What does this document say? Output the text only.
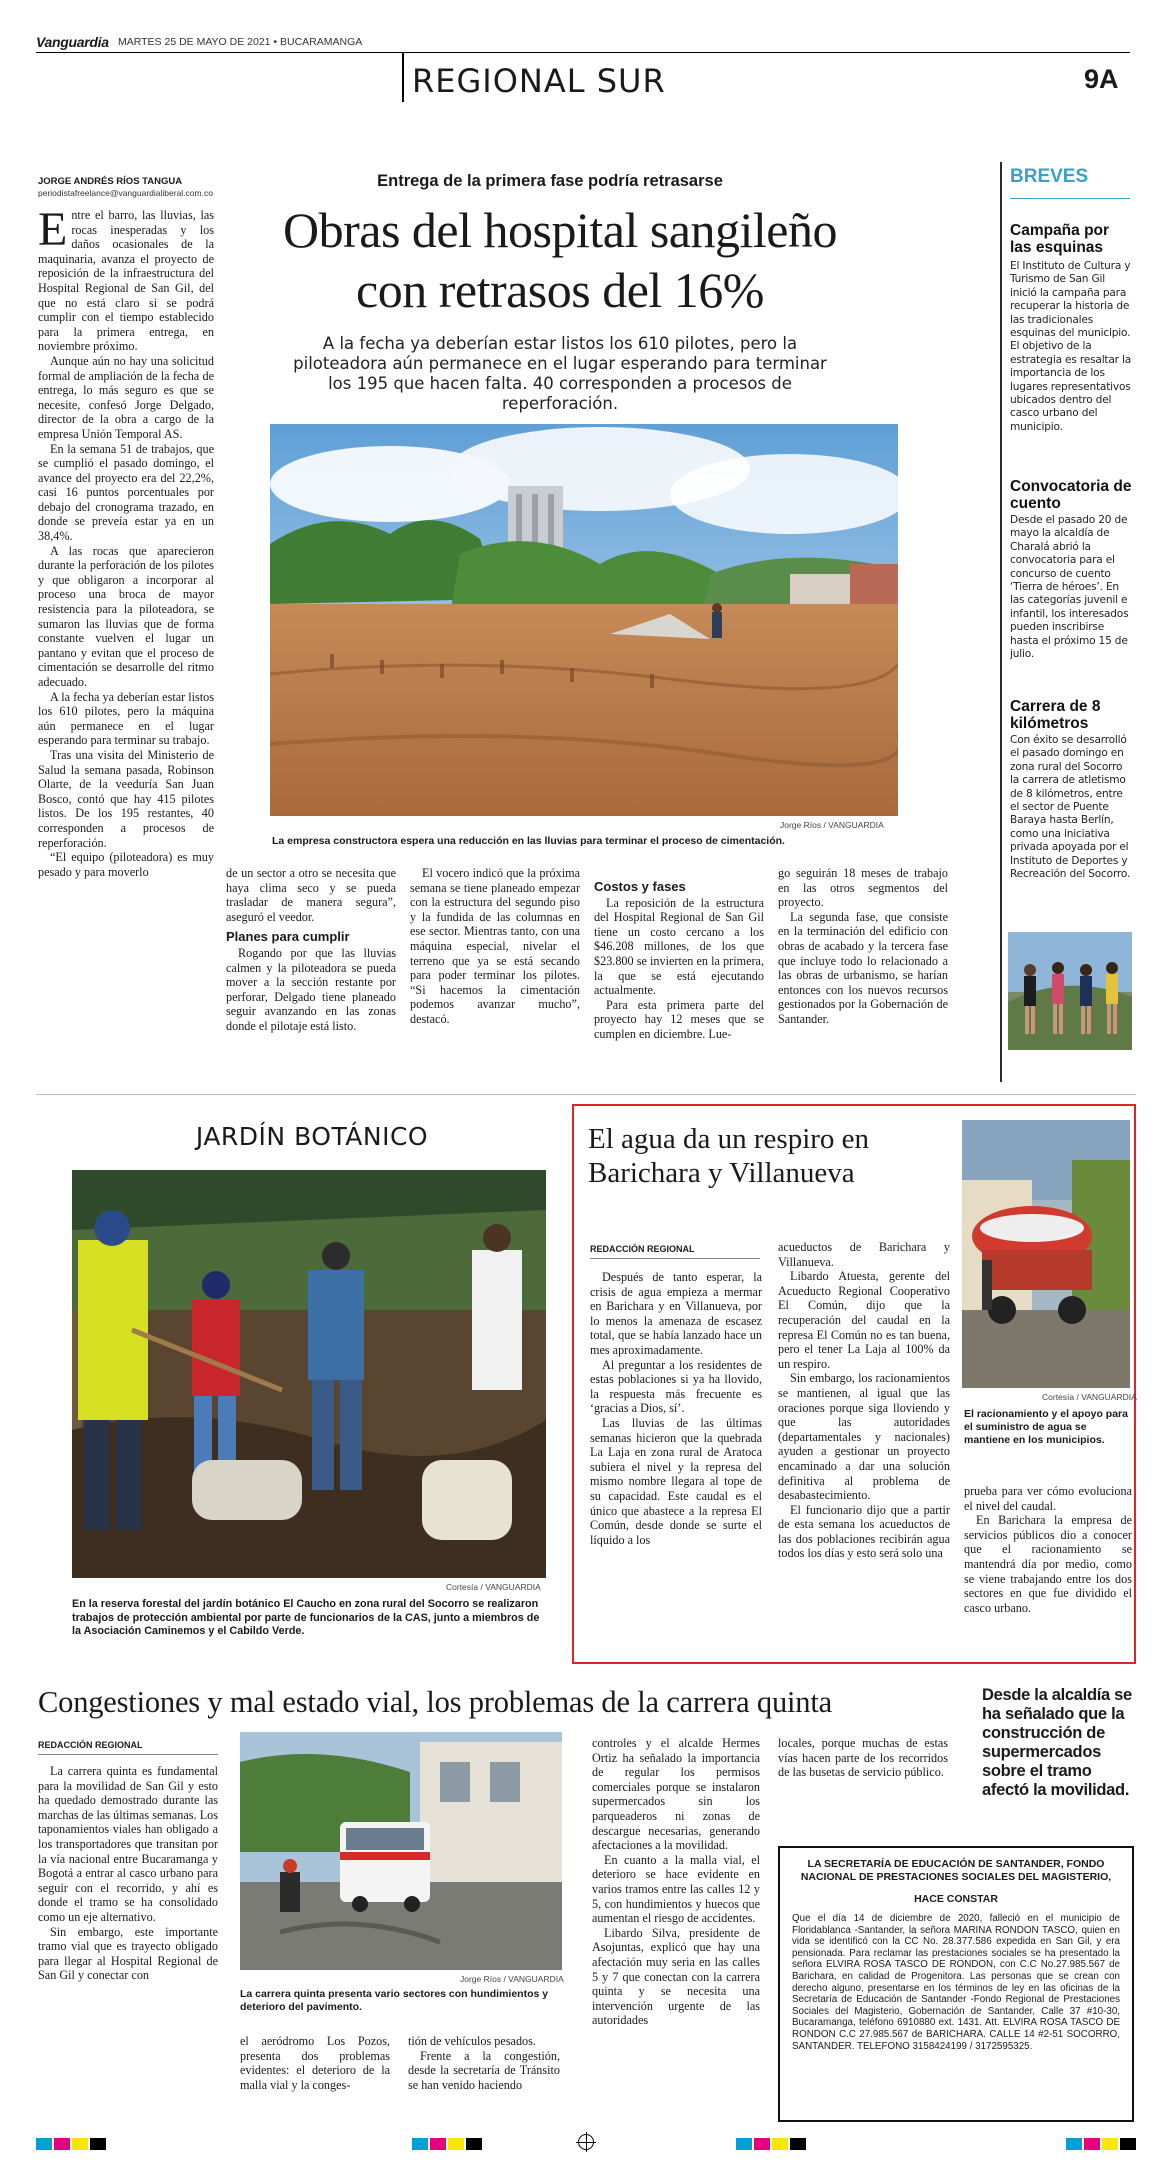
Vanguardia MARTES 25 DE MAYO DE 2021 • BUCARAMANGA
REGIONAL SUR	9A
JORGE ANDRÉS RÍOS TANGUA
periodistafreelance@vanguardialiberal.com.co

Entre el barro, las lluvias, las rocas inesperadas y los daños ocasionales de la maquinaria, avanza el proyecto de reposición de la infraestructura del Hospital Regional de San Gil, del que no está claro si se podrá cumplir con el tiempo establecido para la primera entrega, en noviembre próximo.

Aunque aún no hay una solicitud formal de ampliación de la fecha de entrega, lo más seguro es que se necesite, confesó Jorge Delgado, director de la obra a cargo de la empresa Unión Temporal AS.

En la semana 51 de trabajos, que se cumplió el pasado domingo, el avance del proyecto era del 22,2%, casi 16 puntos porcentuales por debajo del cronograma trazado, en donde se preveía estar ya en un 38,4%.

A las rocas que aparecieron durante la perforación de los pilotes y que obligaron a incorporar al proceso una broca de mayor resistencia para la piloteadora, se sumaron las lluvias que de forma constante vuelven el lugar un pantano y evitan que el proceso de cimentación se desarrolle del ritmo adecuado.

A la fecha ya deberían estar listos los 610 pilotes, pero la máquina aún permanece en el lugar esperando para terminar su trabajo.

Tras una visita del Ministerio de Salud la semana pasada, Robinson Olarte, de la veeduría San Juan Bosco, contó que hay 415 pilotes listos. De los 195 restantes, 40 corresponden a procesos de reperforación.

“El equipo (piloteadora) es muy pesado y para moverlo

Entrega de la primera fase podría retrasarse
Obras del hospital sangileño con retrasos del 16%
A la fecha ya deberían estar listos los 610 pilotes, pero la piloteadora aún permanece en el lugar esperando para terminar los 195 que hacen falta. 40 corresponden a procesos de reperforación.
Jorge Ríos / VANGUARDIA
La empresa constructora espera una reducción en las lluvias para terminar el proceso de cimentación.

de un sector a otro se necesita que haya clima seco y se pueda trasladar de manera segura”, aseguró el veedor.

Planes para cumplir

Rogando por que las lluvias calmen y la piloteadora se pueda mover a la sección restante por perforar, Delgado tiene planeado seguir avanzando en las zonas donde el pilotaje está listo.

El vocero indicó que la próxima semana se tiene planeado empezar con la estructura del segundo piso y la fundida de las columnas en ese sector. Mientras tanto, con una máquina especial, nivelar el terreno que ya se está secando para poder terminar los pilotes. “Si hacemos la cimentación podemos avanzar mucho”, destacó.

Costos y fases

La reposición de la estructura del Hospital Regional de San Gil tiene un costo cercano a los $46.208 millones, de los que $23.800 se invierten en la primera, la que se está ejecutando actualmente.

Para esta primera parte del proyecto hay 12 meses que se cumplen en diciembre. Lue-

go seguirán 18 meses de trabajo en las otros segmentos del proyecto.

La segunda fase, que consiste en la terminación del edificio con obras de acabado y la tercera fase que incluye todo lo relacionado a las obras de urbanismo, se harían entonces con los nuevos recursos gestionados por la Gobernación de Santander.

BREVES
Campaña por las esquinas
El Instituto de Cultura y Turismo de San Gil inició la campaña para recuperar la historia de las tradicionales esquinas del municipio. El objetivo de la estrategia es resaltar la importancia de los lugares representativos ubicados dentro del casco urbano del municipio.
Convocatoria de cuento
Desde el pasado 20 de mayo la alcaldía de Charalá abrió la convocatoria para el concurso de cuento ‘Tierra de héroes’. En las categorías juvenil e infantil, los interesados pueden inscribirse hasta el próximo 15 de julio.
Carrera de 8 kilómetros
Con éxito se desarrolló el pasado domingo en zona rural del Socorro la carrera de atletismo de 8 kilómetros, entre el sector de Puente Baraya hasta Berlín, como una iniciativa privada apoyada por el Instituto de Deportes y Recreación del Socorro.
JARDÍN BOTÁNICO
Cortesía / VANGUARDIA
En la reserva forestal del jardín botánico El Caucho en zona rural del Socorro se realizaron trabajos de protección ambiental por parte de funcionarios de la CAS, junto a miembros de la Asociación Caminemos y el Cabildo Verde.
El agua da un respiro en Barichara y Villanueva
REDACCIÓN REGIONAL

Después de tanto esperar, la crisis de agua empieza a mermar en Barichara y en Villanueva, por lo menos la amenaza de escasez total, que se había lanzado hace un mes aproximadamente.

Al preguntar a los residentes de estas poblaciones si ya ha llovido, la respuesta más frecuente es ‘gracias a Dios, sí’.

Las lluvias de las últimas semanas hicieron que la quebrada La Laja en zona rural de Aratoca subiera el nivel y la represa del mismo nombre llegara al tope de su capacidad. Este caudal es el único que abastece a la represa El Común, desde donde se surte el líquido a los

acueductos de Barichara y Villanueva.

Libardo Atuesta, gerente del Acueducto Regional Cooperativo El Común, dijo que la recuperación del caudal en la represa El Común no es tan buena, pero el tener La Laja al 100% da un respiro.

Sin embargo, los racionamientos se mantienen, al igual que las oraciones porque siga lloviendo y que las autoridades (departamentales y nacionales) ayuden a gestionar un proyecto encaminado a dar una solución definitiva al problema de desabastecimiento.

El funcionario dijo que a partir de esta semana los acueductos de las dos poblaciones recibirán agua todos los días y esto será solo una

Cortesía / VANGUARDIA
El racionamiento y el apoyo para el suministro de agua se mantiene en los municipios.

prueba para ver cómo evoluciona el nivel del caudal.

En Barichara la empresa de servicios públicos dio a conocer que el racionamiento se mantendrá día por medio, como se viene trabajando entre los dos sectores en que fue dividido el casco urbano.

Congestiones y mal estado vial, los problemas de la carrera quinta	Desde la alcaldía se ha señalado que la construcción de supermercados sobre el tramo afectó la movilidad.
REDACCIÓN REGIONAL

La carrera quinta es fundamental para la movilidad de San Gil y esto ha quedado demostrado durante las marchas de las últimas semanas. Los taponamientos viales han obligado a los transportadores que transitan por la vía nacional entre Bucaramanga y Bogotá a entrar al casco urbano para seguir con el recorrido, y ahí es donde el tramo se ha consolidado como un eje alternativo.

Sin embargo, este importante tramo vial que es trayecto obligado para llegar al Hospital Regional de San Gil y conectar con	Jorge Ríos / VANGUARDIA
La carrera quinta presenta vario sectores con hundimientos y deterioro del pavimento.

el aeródromo Los Pozos, presenta dos problemas evidentes: el deterioro de la malla vial y la conges-

tión de vehículos pesados.

Frente a la congestión, desde la secretaría de Tránsito se han venido haciendo

controles y el alcalde Hermes Ortiz ha señalado la importancia de regular los permisos comerciales porque se instalaron supermercados sin los parqueaderos ni zonas de descargue necesarias, generando afectaciones a la movilidad.

En cuanto a la malla vial, el deterioro se hace evidente en varios tramos entre las calles 12 y 5, con hundimientos y huecos que aumentan el riesgo de accidentes.

Libardo Silva, presidente de Asojuntas, explicó que hay una afectación muy seria en las calles 5 y 7 que conectan con la carrera quinta y se necesita una intervención urgente de las autoridades

locales, porque muchas de estas vías hacen parte de los recorridos de las busetas de servicio público.

LA SECRETARÍA DE EDUCACIÓN DE SANTANDER, FONDO NACIONAL DE PRESTACIONES SOCIALES DEL MAGISTERIO,
HACE CONSTAR
Que el día 14 de diciembre de 2020, falleció en el municipio de Floridablanca -Santander, la señora MARINA RONDON TASCO, quien en vida se identificó con la CC No. 28.377.586 expedida en San Gil, y era pensionada. Para reclamar las prestaciones sociales se ha presentado la señora ELVIRA ROSA TASCO DE RONDON, con C.C No.27.985.567 de Barichara, en calidad de Progenitora. Las personas que se crean con derecho alguno, presentarse en los términos de ley en las oficinas de la Secretaría de Educación de Santander -Fondo Regional de Prestaciones Sociales del Magisterio, Gobernación de Santander, Calle 37 #10-30, Bucaramanga, teléfono 6910880 ext. 1431. Att. ELVIRA ROSA TASCO DE RONDON C.C 27.985.567 de BARICHARA. CALLE 14 #2-51 SOCORRO, SANTANDER. TELEFONO 3158424199 / 3172595325.
